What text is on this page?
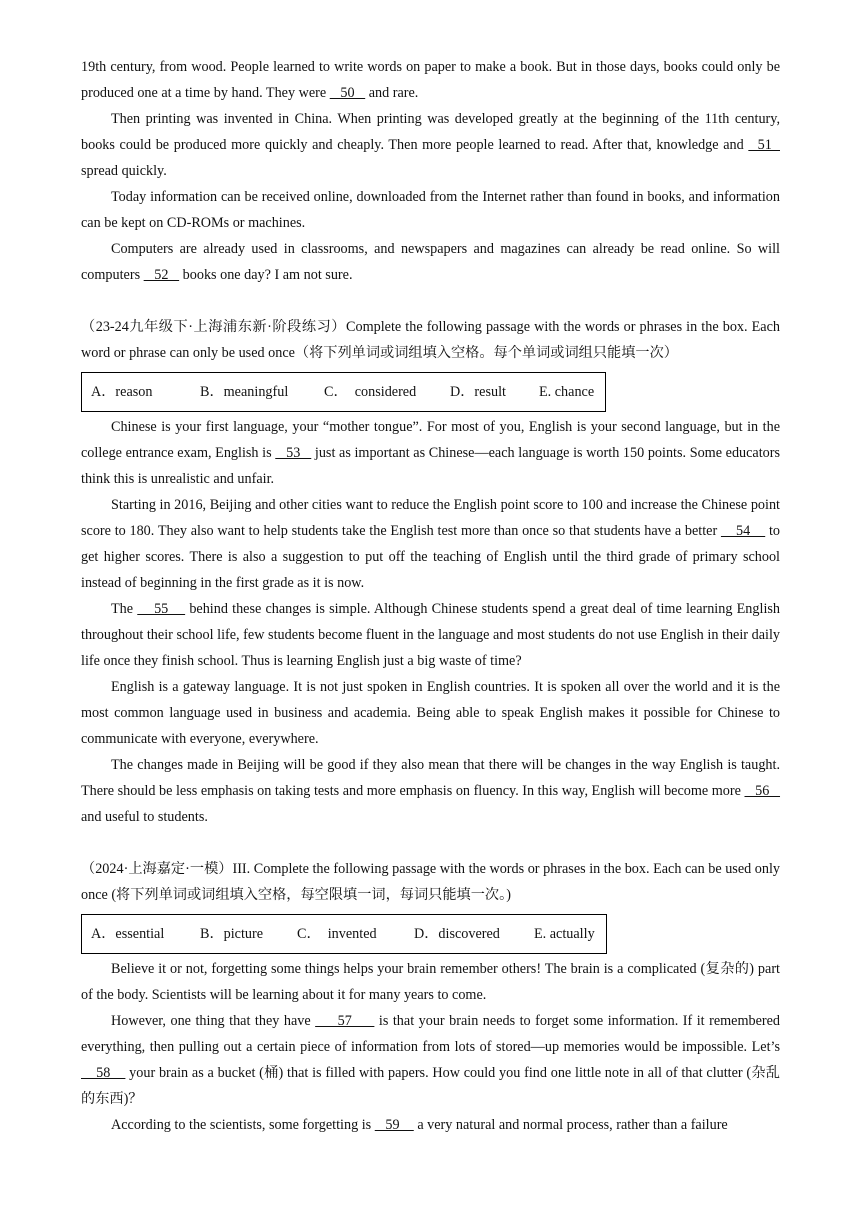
19th century, from wood. People learned to write words on paper to make a book. But in those days, books could only be produced one at a time by hand. They were    50    and rare.

Then printing was invented in China. When printing was developed greatly at the beginning of the 11th century, books could be produced more quickly and cheaply. Then more people learned to read. After that, knowledge and   51   spread quickly.

Today information can be received online, downloaded from the Internet rather than found in books, and information can be kept on CD-ROMs or machines.

Computers are already used in classrooms, and newspapers and magazines can already be read online. So will computers    52    books one day? I am not sure.

（23-24九年级下·上海浦东新·阶段练习）Complete the following passage with the words or phrases in the box. Each word or phrase can only be used once（将下列单词或词组填入空格。每个单词或词组只能填一次）

A．reason	B．meaningful	C．  considered	D．result	E. chance

Chinese is your first language, your “mother tongue”. For most of you, English is your second language, but in the college entrance exam, English is    53    just as important as Chinese—each language is worth 150 points. Some educators think this is unrealistic and unfair.

Starting in 2016, Beijing and other cities want to reduce the English point score to 100 and increase the Chinese point score to 180. They also want to help students take the English test more than once so that students have a better     54     to get higher scores. There is also a suggestion to put off the teaching of English until the third grade of primary school instead of beginning in the first grade as it is now.

The     55     behind these changes is simple. Although Chinese students spend a great deal of time learning English throughout their school life, few students become fluent in the language and most students do not use English in their daily life once they finish school. Thus is learning English just a big waste of time?

English is a gateway language. It is not just spoken in English countries. It is spoken all over the world and it is the most common language used in business and academia. Being able to speak English makes it possible for Chinese to communicate with everyone, everywhere.

The changes made in Beijing will be good if they also mean that there will be changes in the way English is taught. There should be less emphasis on taking tests and more emphasis on fluency. In this way, English will become more    56    and useful to students.

（2024·上海嘉定·一模）III. Complete the following passage with the words or phrases in the box. Each can be used only once (将下列单词或词组填入空格，每空限填一词，每词只能填一次。)

A．essential	B．picture	C．  invented	D．discovered	E. actually

Believe it or not, forgetting some things helps your brain remember others! The brain is a complicated (复杂的) part of the body. Scientists will be learning about it for many years to come.

However, one thing that they have      57      is that your brain needs to forget some information. If it remembered everything, then pulling out a certain piece of information from lots of stored—up memories would be impossible. Let’s     58     your brain as a bucket (桶) that is filled with papers. How could you find one little note in all of that clutter (杂乱的东西)？

According to the scientists, some forgetting is    59     a very natural and normal process, rather than a failure
